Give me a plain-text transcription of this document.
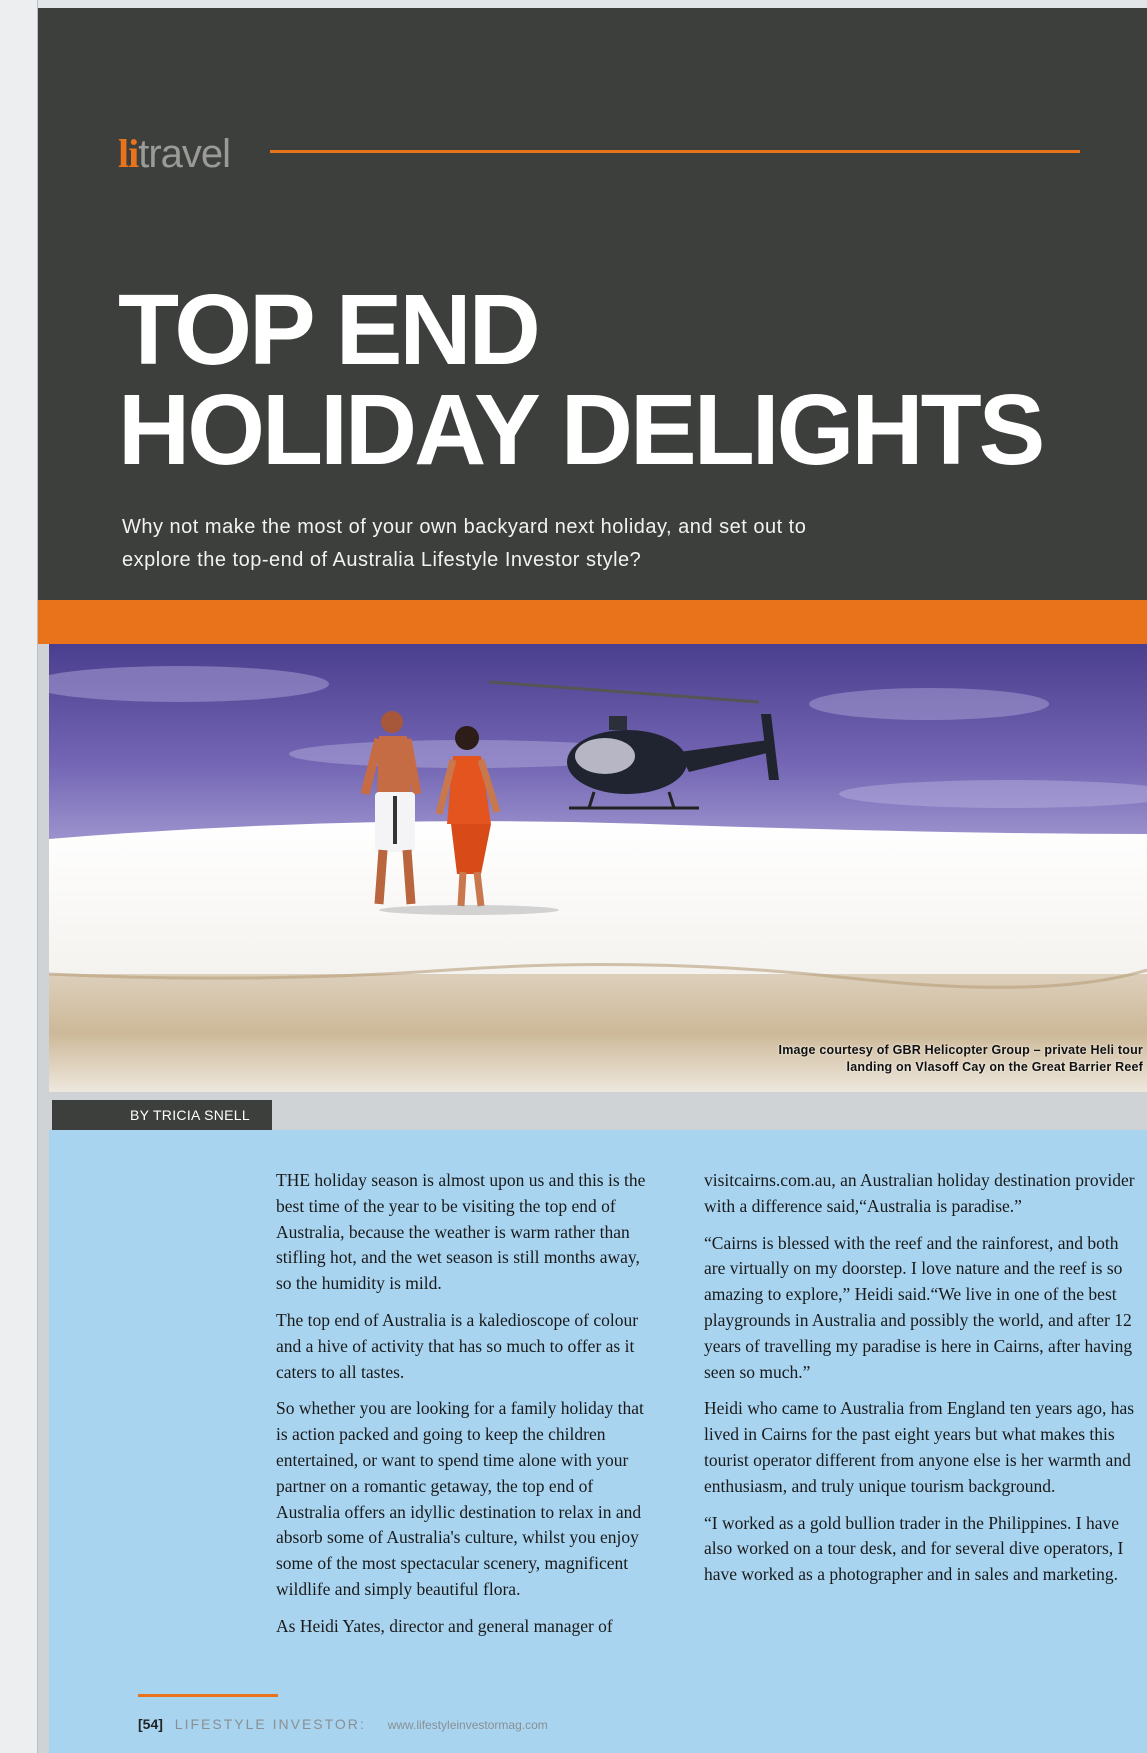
litravel
TOP END
HOLIDAY DELIGHTS
Why not make the most of your own backyard next holiday, and set out to
explore the top-end of Australia Lifestyle Investor style?
Image courtesy of GBR Helicopter Group – private Heli tour
landing on Vlasoff Cay on the Great Barrier Reef
BY TRICIA SNELL

THE holiday season is almost upon us and this is the best time of the year to be visiting the top end of Australia, because the weather is warm rather than stifling hot, and the wet season is still months away, so the humidity is mild.

The top end of Australia is a kaledioscope of colour and a hive of activity that has so much to offer as it caters to all tastes.

So whether you are looking for a family holiday that is action packed and going to keep the children entertained, or want to spend time alone with your partner on a romantic getaway, the top end of Australia offers an idyllic destination to relax in and absorb some of Australia's culture, whilst you enjoy some of the most spectacular scenery, magnificent wildlife and simply beautiful flora.

As Heidi Yates, director and general manager of

visitcairns.com.au, an Australian holiday destination provider with a difference said,“Australia is paradise.”

“Cairns is blessed with the reef and the rainforest, and both are virtually on my doorstep. I love nature and the reef is so amazing to explore,” Heidi said.“We live in one of the best playgrounds in Australia and possibly the world, and after 12 years of travelling my paradise is here in Cairns, after having seen so much.”

Heidi who came to Australia from England ten years ago, has lived in Cairns for the past eight years but what makes this tourist operator different from anyone else is her warmth and enthusiasm, and truly unique tourism background.

“I worked as a gold bullion trader in the Philippines. I have also worked on a tour desk, and for several dive operators, I have worked as a photographer and in sales and marketing.

[54] LIFESTYLE INVESTOR: www.lifestyleinvestormag.com
